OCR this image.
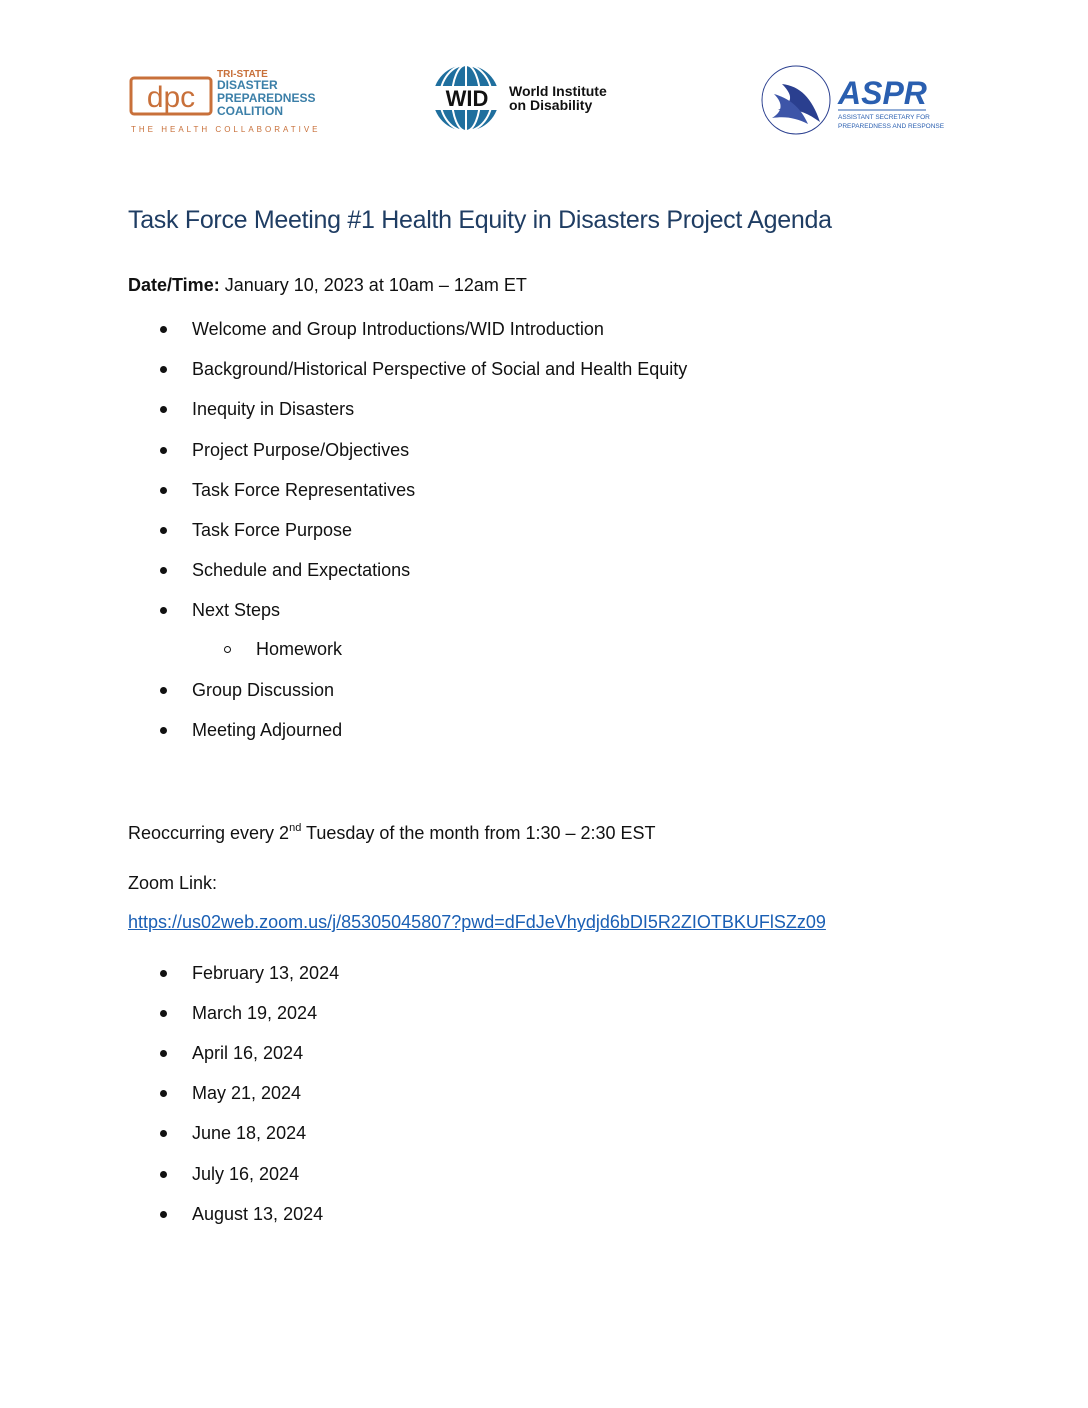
dpc
TRI-STATE
DISASTER
PREPAREDNESS
COALITION
THE HEALTH COLLABORATIVE
WID World Institute
on Disability	ASPR
ASSISTANT SECRETARY FOR
PREPAREDNESS AND RESPONSE
Task Force Meeting #1 Health Equity in Disasters Project Agenda
Date/Time: January 10, 2023 at 10am – 12am ET
Welcome and Group Introductions/WID Introduction
Background/Historical Perspective of Social and Health Equity
Inequity in Disasters
Project Purpose/Objectives
Task Force Representatives
Task Force Purpose
Schedule and Expectations
Next Steps
Homework
Group Discussion
Meeting Adjourned
Reoccurring every 2nd Tuesday of the month from 1:30 – 2:30 EST
Zoom Link:
https://us02web.zoom.us/j/85305045807?pwd=dFdJeVhydjd6bDI5R2ZIOTBKUFlSZz09
February 13, 2024
March 19, 2024
April 16, 2024
May 21, 2024
June 18, 2024
July 16, 2024
August 13, 2024
